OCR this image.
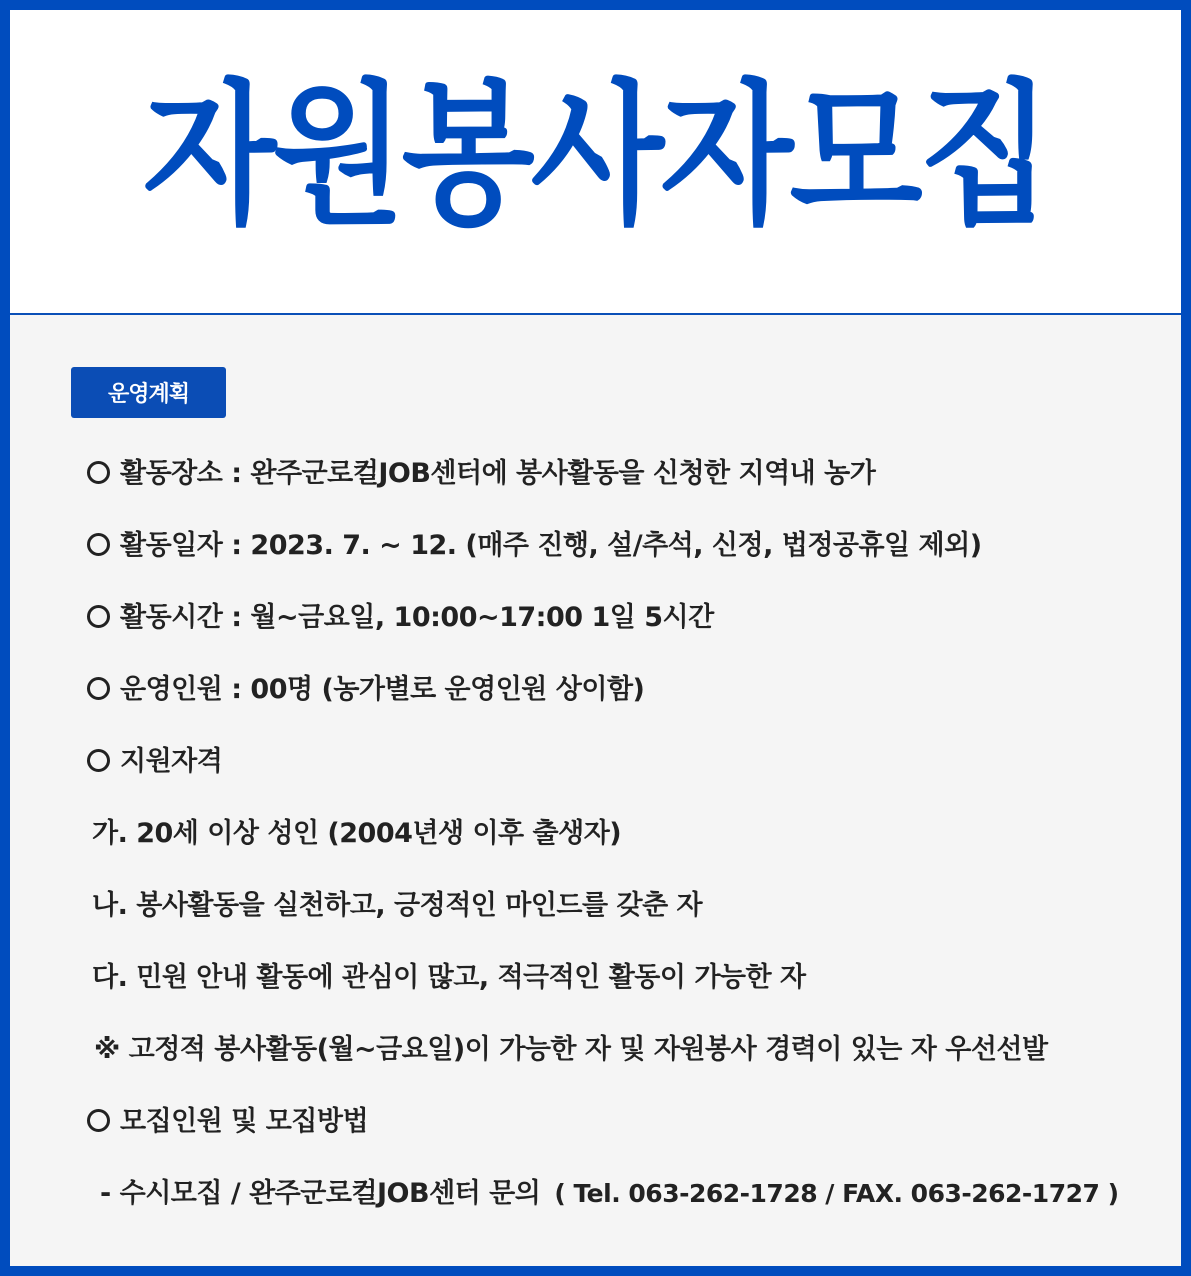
자원봉사자모집
운영계획
활동장소 : 완주군로컬JOB센터에 봉사활동을 신청한 지역내 농가
활동일자 : 2023. 7. ~ 12. (매주 진행, 설/추석, 신정, 법정공휴일 제외)
활동시간 : 월~금요일, 10:00~17:00 1일 5시간
운영인원 : 00명 (농가별로 운영인원 상이함)
지원자격
가. 20세 이상 성인 (2004년생 이후 출생자)
나. 봉사활동을 실천하고, 긍정적인 마인드를 갖춘 자
다. 민원 안내 활동에 관심이 많고, 적극적인 활동이 가능한 자
※ 고정적 봉사활동(월~금요일)이 가능한 자 및 자원봉사 경력이 있는 자 우선선발
모집인원 및 모집방법
- 수시모집 / 완주군로컬JOB센터 문의 ( Tel. 063-262-1728 / FAX. 063-262-1727 )
